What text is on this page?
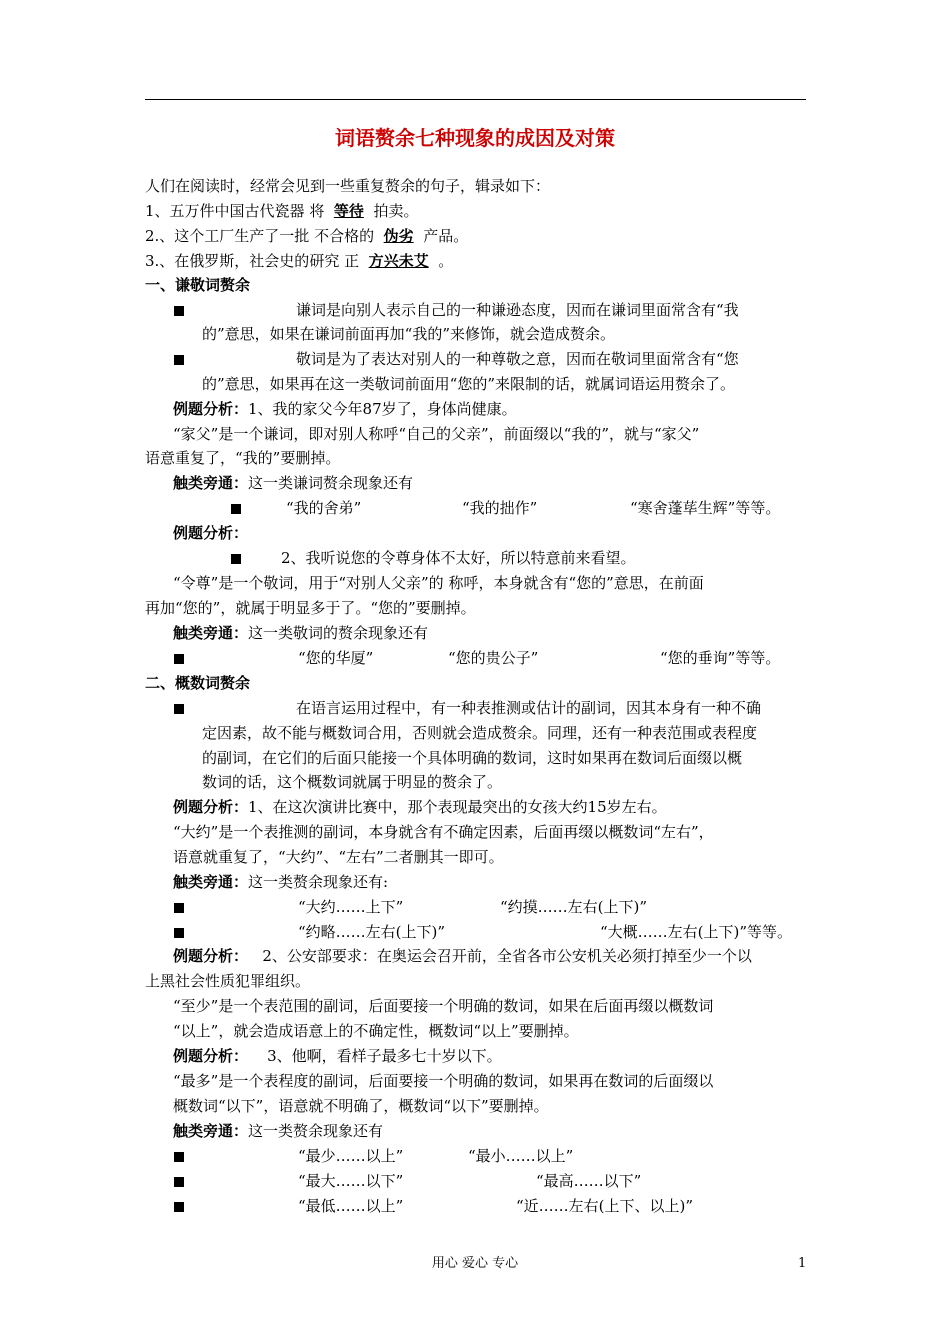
词语赘余七种现象的成因及对策
人们在阅读时，经常会见到一些重复赘余的句子，辑录如下：
1、五万件中国古代瓷器 将 等待 拍卖。
2.、这个工厂生产了一批 不合格的 伪劣 产品。
3.、在俄罗斯，社会史的研究 正 方兴未艾 。
一、谦敬词赘余
谦词是向别人表示自己的一种谦逊态度，因而在谦词里面常含有“我
的”意思，如果在谦词前面再加“我的”来修饰，就会造成赘余。
敬词是为了表达对别人的一种尊敬之意，因而在敬词里面常含有“您
的”意思，如果再在这一类敬词前面用“您的”来限制的话，就属词语运用赘余了。
例题分析：1、我的家父今年87岁了，身体尚健康。
“家父”是一个谦词，即对别人称呼“自己的父亲”，前面缀以“我的”，就与“家父”
语意重复了，“我的”要删掉。
触类旁通：这一类谦词赘余现象还有
“我的舍弟”	“我的拙作”	“寒舍蓬荜生辉”等等。
例题分析：
2、我听说您的令尊身体不太好，所以特意前来看望。
“令尊”是一个敬词，用于“对别人父亲”的 称呼，本身就含有“您的”意思，在前面
再加“您的”，就属于明显多于了。“您的”要删掉。
触类旁通：这一类敬词的赘余现象还有
“您的华厦”	“您的贵公子”	“您的垂询”等等。
二、概数词赘余
在语言运用过程中，有一种表推测或估计的副词，因其本身有一种不确
定因素，故不能与概数词合用，否则就会造成赘余。同理，还有一种表范围或表程度
的副词，在它们的后面只能接一个具体明确的数词，这时如果再在数词后面缀以概
数词的话，这个概数词就属于明显的赘余了。
例题分析：1、在这次演讲比赛中，那个表现最突出的女孩大约15岁左右。
“大约”是一个表推测的副词，本身就含有不确定因素，后面再缀以概数词“左右”，
语意就重复了，“大约”、“左右”二者删其一即可。
触类旁通：这一类赘余现象还有:
“大约……上下”	“约摸……左右(上下)”
“约略……左右(上下)”	“大概……左右(上下)”等等。
例题分析： 2、公安部要求：在奥运会召开前，全省各市公安机关必须打掉至少一个以
上黑社会性质犯罪组织。
“至少”是一个表范围的副词，后面要接一个明确的数词，如果在后面再缀以概数词
“以上”，就会造成语意上的不确定性，概数词“以上”要删掉。
例题分析： 3、他啊，看样子最多七十岁以下。
“最多”是一个表程度的副词，后面要接一个明确的数词，如果再在数词的后面缀以
概数词“以下”，语意就不明确了，概数词“以下”要删掉。
触类旁通：这一类赘余现象还有
“最少……以上”	“最小……以上”
“最大……以下”	“最高……以下”
“最低……以上”	“近……左右(上下、以上)”
用心 爱心 专心	1
